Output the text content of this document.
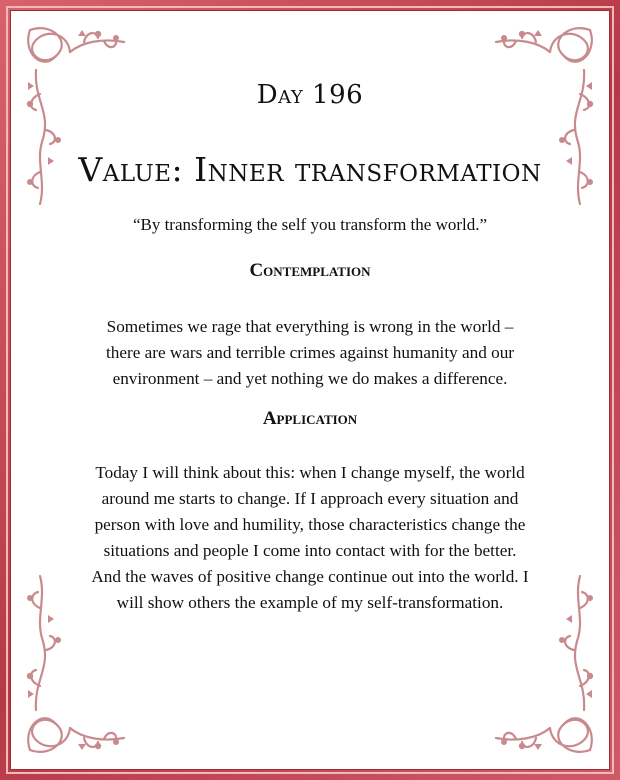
Day 196
Value: Inner transformation
“By transforming the self you transform the world.”
Contemplation
Sometimes we rage that everything is wrong in the world –
there are wars and terrible crimes against humanity and our
environment – and yet nothing we do makes a difference.
Application
Today I will think about this: when I change myself, the world
around me starts to change. If I approach every situation and
person with love and humility, those characteristics change the
situations and people I come into contact with for the better.
And the waves of positive change continue out into the world. I
will show others the example of my self-transformation.
